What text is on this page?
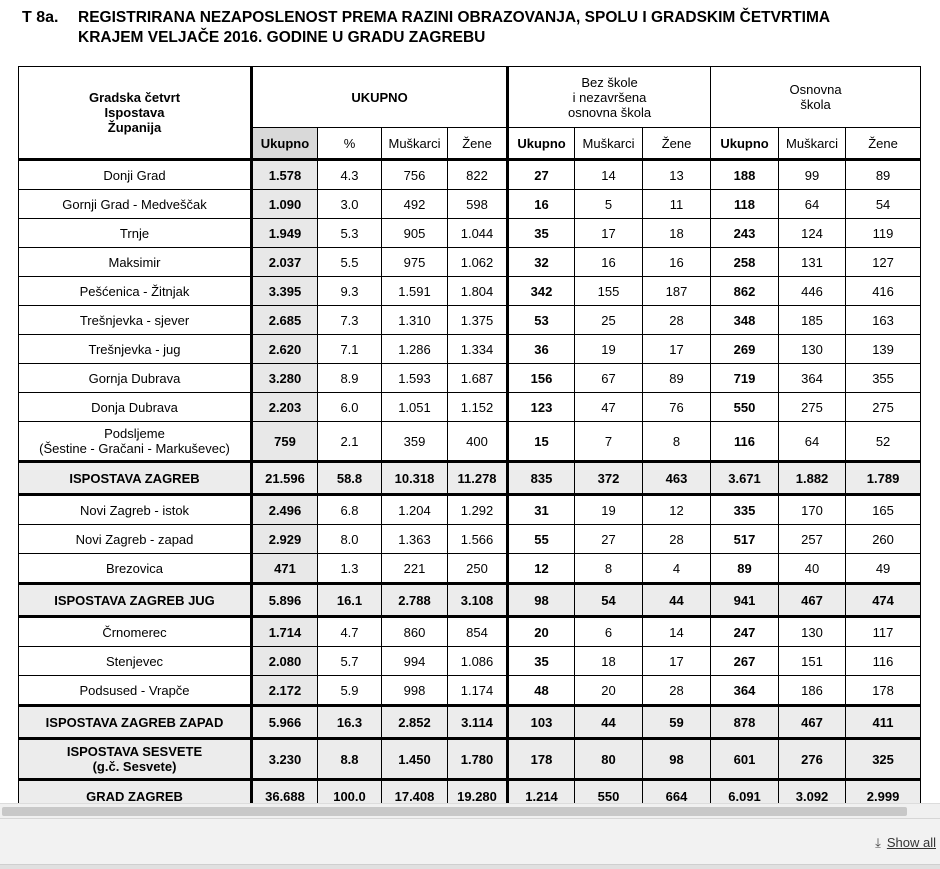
T 8a. REGISTRIRANA NEZAPOSLENOST PREMA RAZINI OBRAZOVANJA, SPOLU I GRADSKIM ČETVRTIMA
KRAJEM VELJAČE 2016. GODINE U GRADU ZAGREBU
Gradska četvrt
Ispostava
Županija	UKUPNO				Bez škole
i nezavršena
osnovna škola			Osnovna
škola		
	Ukupno	%	Muškarci	Žene	Ukupno	Muškarci	Žene	Ukupno	Muškarci	Žene
Donji Grad	1.578	4.3	756	822	27	14	13	188	99	89
Gornji Grad - Medveščak	1.090	3.0	492	598	16	5	11	118	64	54
Trnje	1.949	5.3	905	1.044	35	17	18	243	124	119
Maksimir	2.037	5.5	975	1.062	32	16	16	258	131	127
Pešćenica - Žitnjak	3.395	9.3	1.591	1.804	342	155	187	862	446	416
Trešnjevka - sjever	2.685	7.3	1.310	1.375	53	25	28	348	185	163
Trešnjevka - jug	2.620	7.1	1.286	1.334	36	19	17	269	130	139
Gornja Dubrava	3.280	8.9	1.593	1.687	156	67	89	719	364	355
Donja Dubrava	2.203	6.0	1.051	1.152	123	47	76	550	275	275
Podsljeme
(Šestine - Gračani - Markuševec)	759	2.1	359	400	15	7	8	116	64	52
ISPOSTAVA ZAGREB	21.596	58.8	10.318	11.278	835	372	463	3.671	1.882	1.789
Novi Zagreb - istok	2.496	6.8	1.204	1.292	31	19	12	335	170	165
Novi Zagreb - zapad	2.929	8.0	1.363	1.566	55	27	28	517	257	260
Brezovica	471	1.3	221	250	12	8	4	89	40	49
ISPOSTAVA ZAGREB JUG	5.896	16.1	2.788	3.108	98	54	44	941	467	474
Črnomerec	1.714	4.7	860	854	20	6	14	247	130	117
Stenjevec	2.080	5.7	994	1.086	35	18	17	267	151	116
Podsused - Vrapče	2.172	5.9	998	1.174	48	20	28	364	186	178
ISPOSTAVA ZAGREB ZAPAD	5.966	16.3	2.852	3.114	103	44	59	878	467	411
ISPOSTAVA SESVETE
(g.č. Sesvete)	3.230	8.8	1.450	1.780	178	80	98	601	276	325
GRAD ZAGREB	36.688	100.0	17.408	19.280	1.214	550	664	6.091	3.092	2.999
⤓ Show all
